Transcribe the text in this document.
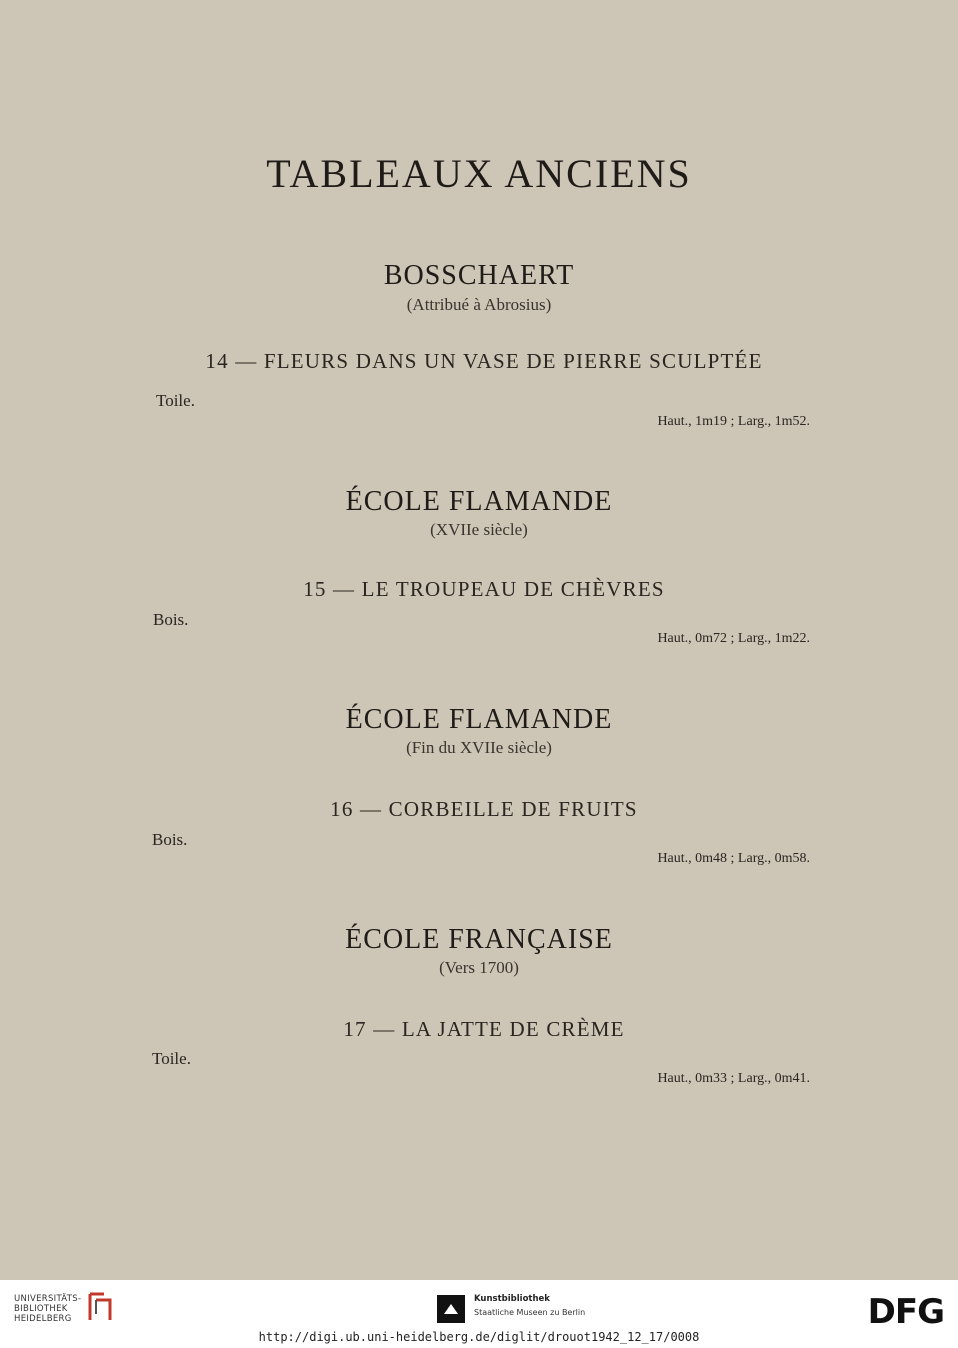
TABLEAUX ANCIENS
BOSSCHAERT
(Attribué à Abrosius)
14 — FLEURS DANS UN VASE DE PIERRE SCULPTÉE
Toile.
Haut., 1m19 ; Larg., 1m52.
ÉCOLE FLAMANDE
(XVIIe siècle)
15 — LE TROUPEAU DE CHÈVRES
Bois.
Haut., 0m72 ; Larg., 1m22.
ÉCOLE FLAMANDE
(Fin du XVIIe siècle)
16 — CORBEILLE DE FRUITS
Bois.
Haut., 0m48 ; Larg., 0m58.
ÉCOLE FRANÇAISE
(Vers 1700)
17 — LA JATTE DE CRÈME
Toile.
Haut., 0m33 ; Larg., 0m41.
UNIVERSITÄTS-
BIBLIOTHEK
HEIDELBERG
Kunstbibliothek
Staatliche Museen zu Berlin	DFG
http://digi.ub.uni-heidelberg.de/diglit/drouot1942_12_17/0008
